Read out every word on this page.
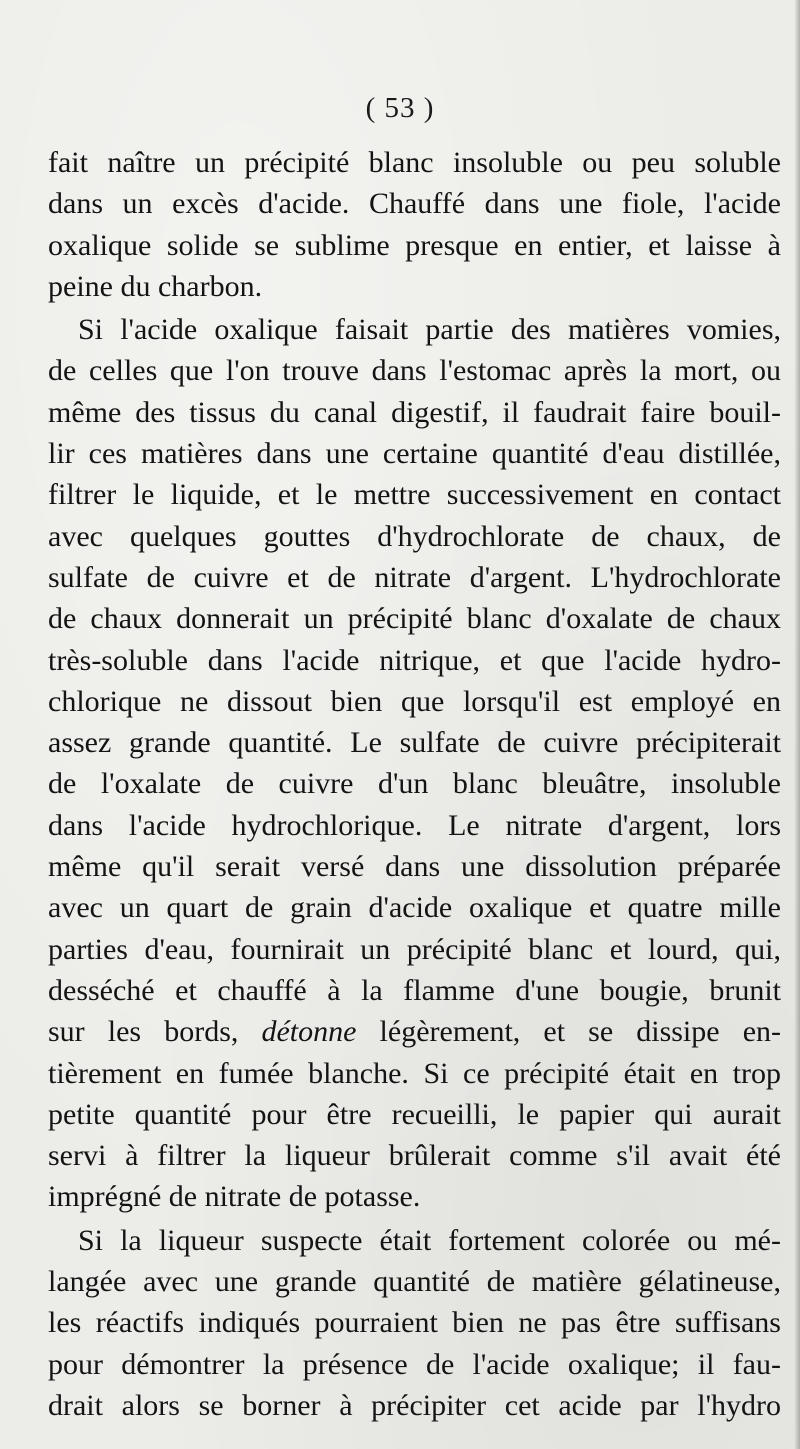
( 53 )

fait naître un précipité blanc insoluble ou peu soluble
dans un excès d'acide. Chauffé dans une fiole, l'acide
oxalique solide se sublime presque en entier, et laisse à
peine du charbon.

Si l'acide oxalique faisait partie des matières vomies,
de celles que l'on trouve dans l'estomac après la mort, ou
même des tissus du canal digestif, il faudrait faire bouil-
lir ces matières dans une certaine quantité d'eau distillée,
filtrer le liquide, et le mettre successivement en contact
avec quelques gouttes d'hydrochlorate de chaux, de
sulfate de cuivre et de nitrate d'argent. L'hydrochlorate
de chaux donnerait un précipité blanc d'oxalate de chaux
très-soluble dans l'acide nitrique, et que l'acide hydro-
chlorique ne dissout bien que lorsqu'il est employé en
assez grande quantité. Le sulfate de cuivre précipiterait
de l'oxalate de cuivre d'un blanc bleuâtre, insoluble
dans l'acide hydrochlorique. Le nitrate d'argent, lors
même qu'il serait versé dans une dissolution préparée
avec un quart de grain d'acide oxalique et quatre mille
parties d'eau, fournirait un précipité blanc et lourd, qui,
desséché et chauffé à la flamme d'une bougie, brunit
sur les bords, détonne légèrement, et se dissipe en-
tièrement en fumée blanche. Si ce précipité était en trop
petite quantité pour être recueilli, le papier qui aurait
servi à filtrer la liqueur brûlerait comme s'il avait été
imprégné de nitrate de potasse.

Si la liqueur suspecte était fortement colorée ou mé-
langée avec une grande quantité de matière gélatineuse,
les réactifs indiqués pourraient bien ne pas être suffisans
pour démontrer la présence de l'acide oxalique; il fau-
drait alors se borner à précipiter cet acide par l'hydro
